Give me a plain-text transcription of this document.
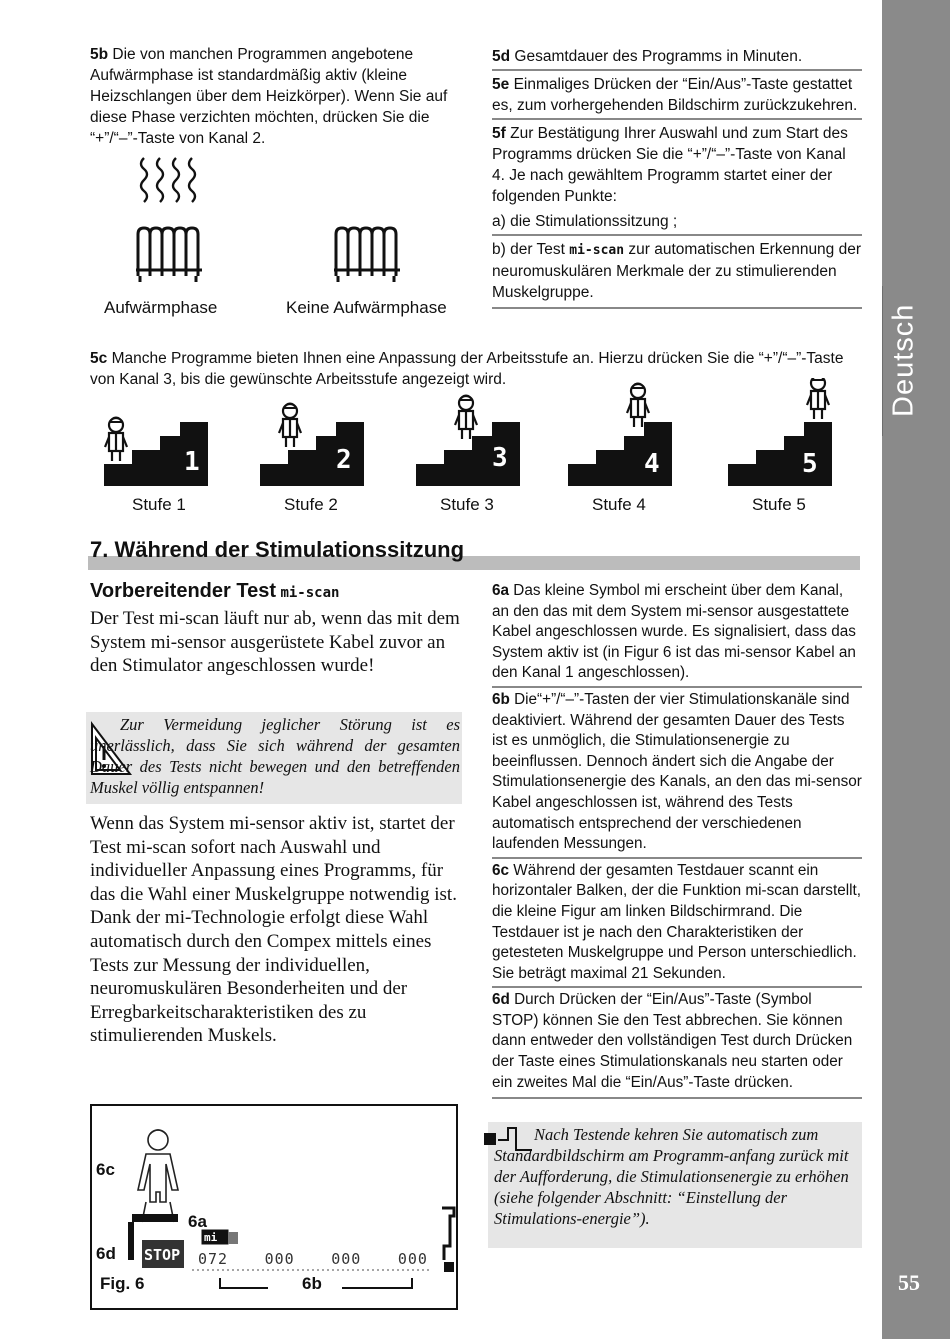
Deutsch
55
5b Die von manchen Programmen angebotene Aufwärmphase ist standardmäßig aktiv (kleine Heizschlangen über dem Heizkörper). Wenn Sie auf diese Phase verzichten möchten, drücken Sie die “+”/“–”-Taste von Kanal 2.
Aufwärmphase	Keine Aufwärmphase
5d Gesamtdauer des Programms in Minuten.
5e Einmaliges Drücken der “Ein/Aus”-Taste gestattet es, zum vorhergehenden Bildschirm zurückzukehren.
5f Zur Bestätigung Ihrer Auswahl und zum Start des Programms drücken Sie die “+”/“–”-Taste von Kanal 4. Je nach gewähltem Programm startet einer der folgenden Punkte:
a) die Stimulationssitzung ;
b) der Test mi-scan zur automatischen Erkennung der neuromuskulären Merkmale der zu stimulierenden Muskelgruppe.
5c Manche Programme bieten Ihnen eine Anpassung der Arbeitsstufe an. Hierzu drücken Sie die “+”/“–”-Taste von Kanal 3, bis die gewünschte Arbeitsstufe angezeigt wird.
1	2	3	4	5
Stufe 1	Stufe 2	Stufe 3	Stufe 4	Stufe 5
7. Während der Stimulationssitzung
Vorbereitender Test mi-scan
Der Test mi-scan läuft nur ab, wenn das mit dem System mi-sensor ausgerüstete Kabel zuvor an den Stimulator angeschlossen wurde!
Zur Vermeidung jeglicher Störung ist es unerlässlich, dass Sie sich während der gesamten Dauer des Tests nicht bewegen und den betreffenden Muskel völlig entspannen!
Wenn das System mi-sensor aktiv ist, startet der Test mi-scan sofort nach Auswahl und individueller Anpassung eines Programms, für das die Wahl einer Muskelgruppe notwendig ist. Dank der mi-Technologie erfolgt diese Wahl automatisch durch den Compex mittels eines Tests zur Messung der individuellen, neuromuskulären Besonderheiten und der Erregbarkeitscharakteristiken des zu stimulierenden Muskels.
6a Das kleine Symbol mi erscheint über dem Kanal, an den das mit dem System mi-sensor ausgestattete Kabel angeschlossen wurde. Es signalisiert, dass das System aktiv ist (in Figur 6 ist das mi-sensor Kabel an den Kanal 1 angeschlossen).
6b Die“+”/“–”-Tasten der vier Stimulationskanäle sind deaktiviert. Während der gesamten Dauer des Tests ist es unmöglich, die Stimulationsenergie zu beeinflussen. Dennoch ändert sich die Angabe der Stimulationsenergie des Kanals, an den das mi-sensor Kabel angeschlossen ist, während des Tests automatisch entsprechend der verschiedenen laufenden Messungen.
6c Während der gesamten Testdauer scannt ein horizontaler Balken, der die Funktion mi-scan darstellt, die kleine Figur am linken Bildschirmrand. Die Testdauer ist je nach den Charakteristiken der getesteten Muskelgruppe und Person unterschiedlich. Sie beträgt maximal 21 Sekunden.
6d Durch Drücken der “Ein/Aus”-Taste (Symbol STOP) können Sie den Test abbrechen. Sie können dann entweder den vollständigen Test durch Drücken der Taste eines Stimulationskanals neu starten oder ein zweites Mal die “Ein/Aus”-Taste drücken.
Nach Testende kehren Sie automatisch zum Standardbildschirm am Programm-anfang zurück mit der Aufforderung, die Stimulationsenergie zu erhöhen (siehe folgender Abschnitt: “Einstellung der Stimulations-energie”).
6c
6a
mi
6d STOP 072 000 000 000
6b
Fig. 6
